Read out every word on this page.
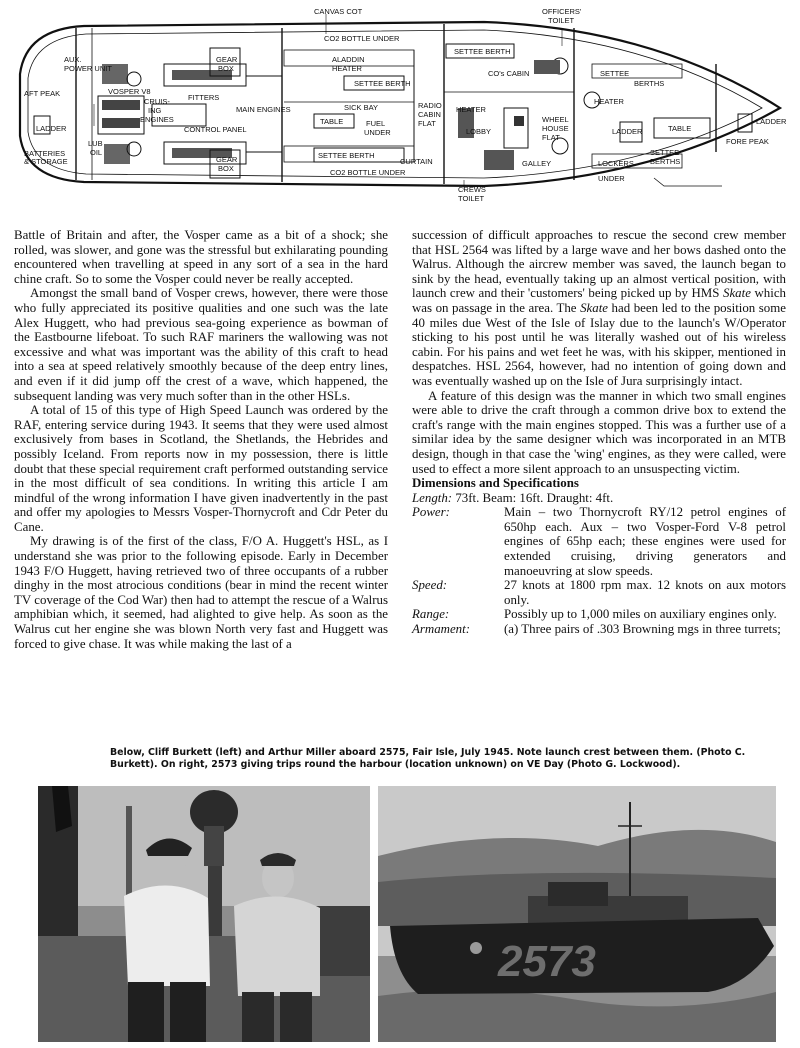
CANVAS COT	OFFICERS'
TOILET
CO2 BOTTLE UNDER
CO2 BOTTLE UNDER
SETTEE BERTH
SETTEE BERTH
SETTEE BERTH
AUX.
POWER UNIT
AFT PEAK
LADDER
BATTERIES
& STORAGE
VOSPER V8
CRUIS-
ING
ENGINES
LUB
OIL
GEAR
BOX
GEAR
BOX
FITTERS
MAIN ENGINES
CONTROL PANEL
ALADDIN
HEATER
SICK BAY
TABLE	FUEL
UNDER
CURTAIN
CO's CABIN
RADIO
CABIN
FLAT
HEATER
LOBBY
WHEEL
HOUSE
FLAT
GALLEY
CREWS
TOILET
SETTEE
BERTHS
HEATER
LADDER	TABLE
LOCKERS
UNDER
SETTEE
BERTHS
LADDER
FORE PEAK

Battle of Britain and after, the Vosper came as a bit of a shock; she rolled, was slower, and gone was the stressful but exhilarating pounding encountered when travelling at speed in any sort of a sea in the hard chine craft. So to some the Vosper could never be really accepted.

Amongst the small band of Vosper crews, however, there were those who fully appreciated its positive qualities and one such was the late Alex Huggett, who had previous sea-going experience as bowman of the Eastbourne lifeboat. To such RAF mariners the wallowing was not excessive and what was important was the ability of this craft to head into a sea at speed relatively smoothly because of the deep entry lines, and even if it did jump off the crest of a wave, which happened, the subsequent landing was very much softer than in the other HSLs.

A total of 15 of this type of High Speed Launch was ordered by the RAF, entering service during 1943. It seems that they were used almost exclusively from bases in Scotland, the Shetlands, the Hebrides and possibly Iceland. From reports now in my possession, there is little doubt that these special requirement craft performed outstanding service in the most difficult of sea conditions. In writing this article I am mindful of the wrong information I have given inadvertently in the past and offer my apologies to Messrs Vosper-Thornycroft and Cdr Peter du Cane.

My drawing is of the first of the class, F/O A. Huggett's HSL, as I understand she was prior to the following episode. Early in December 1943 F/O Huggett, having retrieved two of three occupants of a rubber dinghy in the most atrocious conditions (bear in mind the recent winter TV coverage of the Cod War) then had to attempt the rescue of a Walrus amphibian which, it seemed, had alighted to give help. As soon as the Walrus cut her engine she was blown North very fast and Huggett was forced to give chase. It was while making the last of a

succession of difficult approaches to rescue the second crew member that HSL 2564 was lifted by a large wave and her bows dashed onto the Walrus. Although the aircrew member was saved, the launch began to sink by the head, eventually taking up an almost vertical position, with launch crew and their 'customers' being picked up by HMS Skate which was on passage in the area. The Skate had been led to the position some 40 miles due West of the Isle of Islay due to the launch's W/Operator sticking to his post until he was literally washed out of his wireless cabin. For his pains and wet feet he was, with his skipper, mentioned in despatches. HSL 2564, however, had no intention of going down and was eventually washed up on the Isle of Jura surprisingly intact.

A feature of this design was the manner in which two small engines were able to drive the craft through a common drive box to extend the craft's range with the main engines stopped. This was a further use of a similar idea by the same designer which was incorporated in an MTB design, though in that case the 'wing' engines, as they were called, were used to effect a more silent approach to an unsuspecting victim.

Dimensions and Specifications

Length: 73ft. Beam: 16ft. Draught: 4ft.

Power:	Main – two Thornycroft RY/12 petrol engines of 650hp each. Aux – two Vosper-Ford V-8 petrol engines of 65hp each; these engines were used for extended cruising, driving generators and manoeuvring at slow speeds.
Speed:	27 knots at 1800 rpm max. 12 knots on aux motors only.
Range:	Possibly up to 1,000 miles on auxiliary engines only.
Armament:	(a) Three pairs of .303 Browning mgs in three turrets;
Below, Cliff Burkett (left) and Arthur Miller aboard 2575, Fair Isle, July 1945. Note launch crest between them. (Photo C. Burkett). On right, 2573 giving trips round the harbour (location unknown) on VE Day (Photo G. Lockwood).
2573
